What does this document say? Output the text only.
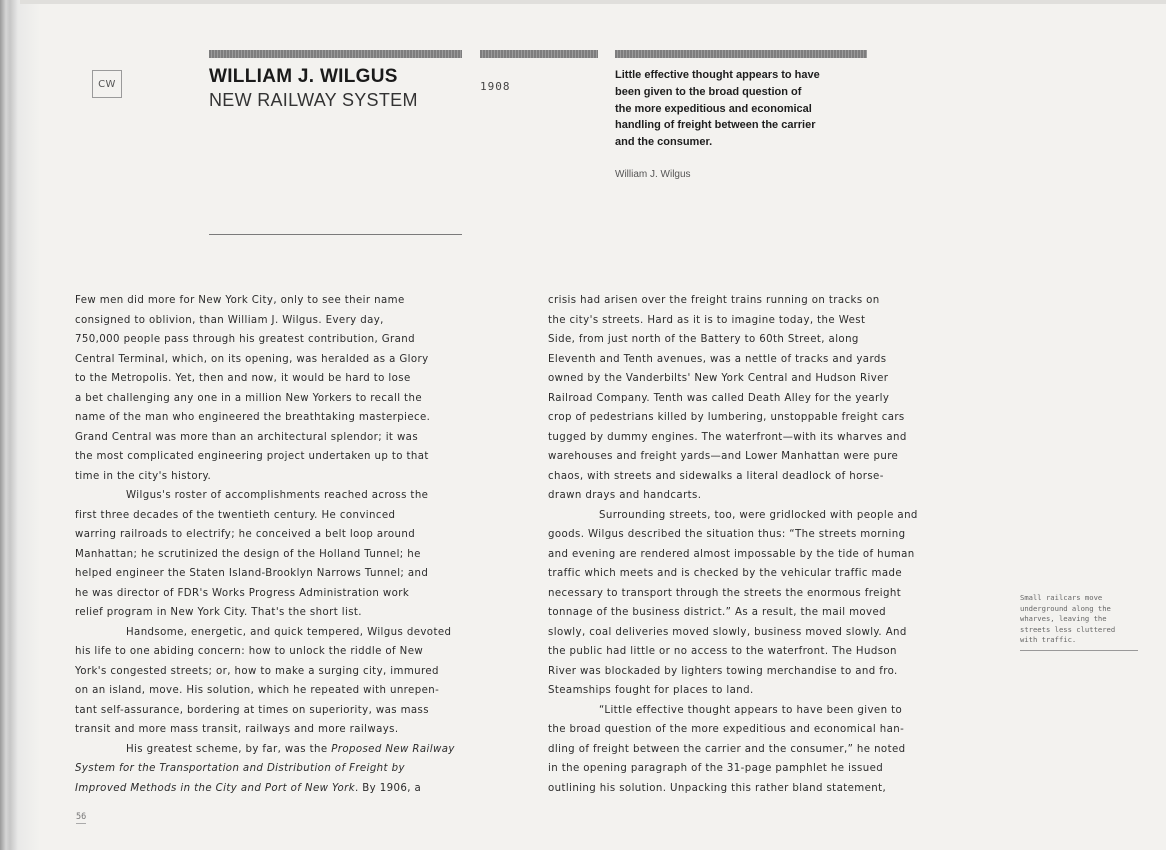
CW	WILLIAM J. WILGUS
NEW RAILWAY SYSTEM
1908
Little effective thought appears to have
been given to the broad question of
the more expeditious and economical
handling of freight between the carrier
and the consumer.
William J. Wilgus
Few men did more for New York City, only to see their name
consigned to oblivion, than William J. Wilgus. Every day,
750,000 people pass through his greatest contribution, Grand
Central Terminal, which, on its opening, was heralded as a Glory
to the Metropolis. Yet, then and now, it would be hard to lose
a bet challenging any one in a million New Yorkers to recall the
name of the man who engineered the breathtaking masterpiece.
Grand Central was more than an architectural splendor; it was
the most complicated engineering project undertaken up to that
time in the city's history.
Wilgus's roster of accomplishments reached across the
first three decades of the twentieth century. He convinced
warring railroads to electrify; he conceived a belt loop around
Manhattan; he scrutinized the design of the Holland Tunnel; he
helped engineer the Staten Island-Brooklyn Narrows Tunnel; and
he was director of FDR's Works Progress Administration work
relief program in New York City. That's the short list.
Handsome, energetic, and quick tempered, Wilgus devoted
his life to one abiding concern: how to unlock the riddle of New
York's congested streets; or, how to make a surging city, immured
on an island, move. His solution, which he repeated with unrepen-
tant self-assurance, bordering at times on superiority, was mass
transit and more mass transit, railways and more railways.
His greatest scheme, by far, was the Proposed New Railway
System for the Transportation and Distribution of Freight by
Improved Methods in the City and Port of New York. By 1906, a
crisis had arisen over the freight trains running on tracks on
the city's streets. Hard as it is to imagine today, the West
Side, from just north of the Battery to 60th Street, along
Eleventh and Tenth avenues, was a nettle of tracks and yards
owned by the Vanderbilts' New York Central and Hudson River
Railroad Company. Tenth was called Death Alley for the yearly
crop of pedestrians killed by lumbering, unstoppable freight cars
tugged by dummy engines. The waterfront—with its wharves and
warehouses and freight yards—and Lower Manhattan were pure
chaos, with streets and sidewalks a literal deadlock of horse-
drawn drays and handcarts.
Surrounding streets, too, were gridlocked with people and
goods. Wilgus described the situation thus: “The streets morning
and evening are rendered almost impossable by the tide of human
traffic which meets and is checked by the vehicular traffic made
necessary to transport through the streets the enormous freight
tonnage of the business district.” As a result, the mail moved
slowly, coal deliveries moved slowly, business moved slowly. And
the public had little or no access to the waterfront. The Hudson
River was blockaded by lighters towing merchandise to and fro.
Steamships fought for places to land.
“Little effective thought appears to have been given to
the broad question of the more expeditious and economical han-
dling of freight between the carrier and the consumer,” he noted
in the opening paragraph of the 31-page pamphlet he issued
outlining his solution. Unpacking this rather bland statement,
Small railcars move
underground along the
wharves, leaving the
streets less cluttered
with traffic.
56
